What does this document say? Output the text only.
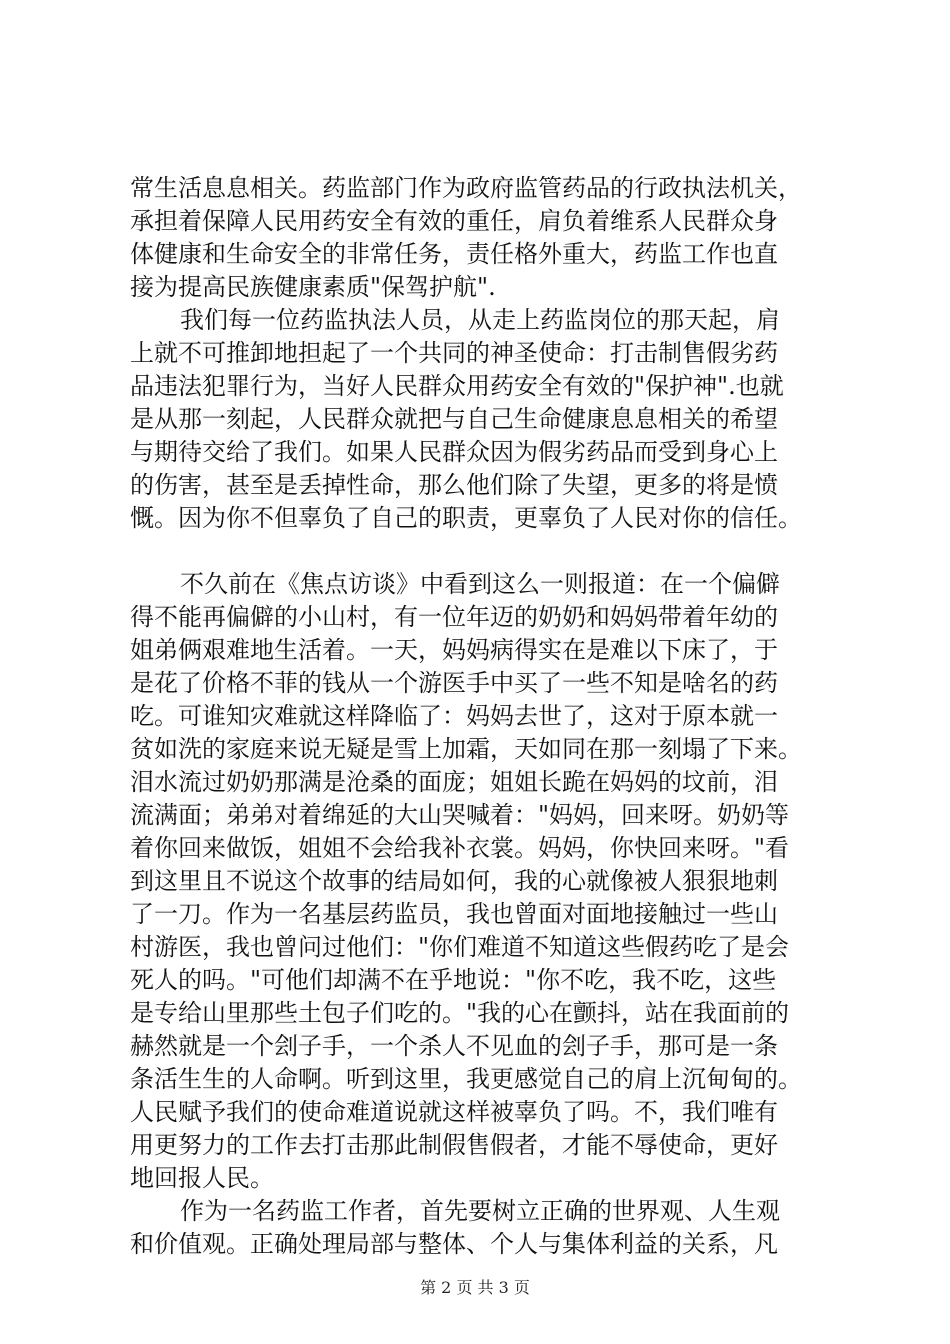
常生活息息相关。药监部门作为政府监管药品的行政执法机关，
承担着保障人民用药安全有效的重任，肩负着维系人民群众身
体健康和生命安全的非常任务，责任格外重大，药监工作也直
接为提高民族健康素质"保驾护航".
我们每一位药监执法人员，从走上药监岗位的那天起，肩
上就不可推卸地担起了一个共同的神圣使命：打击制售假劣药
品违法犯罪行为，当好人民群众用药安全有效的"保护神".也就
是从那一刻起，人民群众就把与自己生命健康息息相关的希望
与期待交给了我们。如果人民群众因为假劣药品而受到身心上
的伤害，甚至是丢掉性命，那么他们除了失望，更多的将是愤
慨。因为你不但辜负了自己的职责，更辜负了人民对你的信任。
不久前在《焦点访谈》中看到这么一则报道：在一个偏僻
得不能再偏僻的小山村，有一位年迈的奶奶和妈妈带着年幼的
姐弟俩艰难地生活着。一天，妈妈病得实在是难以下床了，于
是花了价格不菲的钱从一个游医手中买了一些不知是啥名的药
吃。可谁知灾难就这样降临了：妈妈去世了，这对于原本就一
贫如洗的家庭来说无疑是雪上加霜，天如同在那一刻塌了下来。
泪水流过奶奶那满是沧桑的面庞；姐姐长跪在妈妈的坟前，泪
流满面；弟弟对着绵延的大山哭喊着："妈妈，回来呀。奶奶等
着你回来做饭，姐姐不会给我补衣裳。妈妈，你快回来呀。"看
到这里且不说这个故事的结局如何，我的心就像被人狠狠地刺
了一刀。作为一名基层药监员，我也曾面对面地接触过一些山
村游医，我也曾问过他们："你们难道不知道这些假药吃了是会
死人的吗。"可他们却满不在乎地说："你不吃，我不吃，这些
是专给山里那些土包子们吃的。"我的心在颤抖，站在我面前的
赫然就是一个刽子手，一个杀人不见血的刽子手，那可是一条
条活生生的人命啊。听到这里，我更感觉自己的肩上沉甸甸的。
人民赋予我们的使命难道说就这样被辜负了吗。不，我们唯有
用更努力的工作去打击那此制假售假者，才能不辱使命，更好
地回报人民。
作为一名药监工作者，首先要树立正确的世界观、人生观
和价值观。正确处理局部与整体、个人与集体利益的关系，凡
第 2 页 共 3 页
